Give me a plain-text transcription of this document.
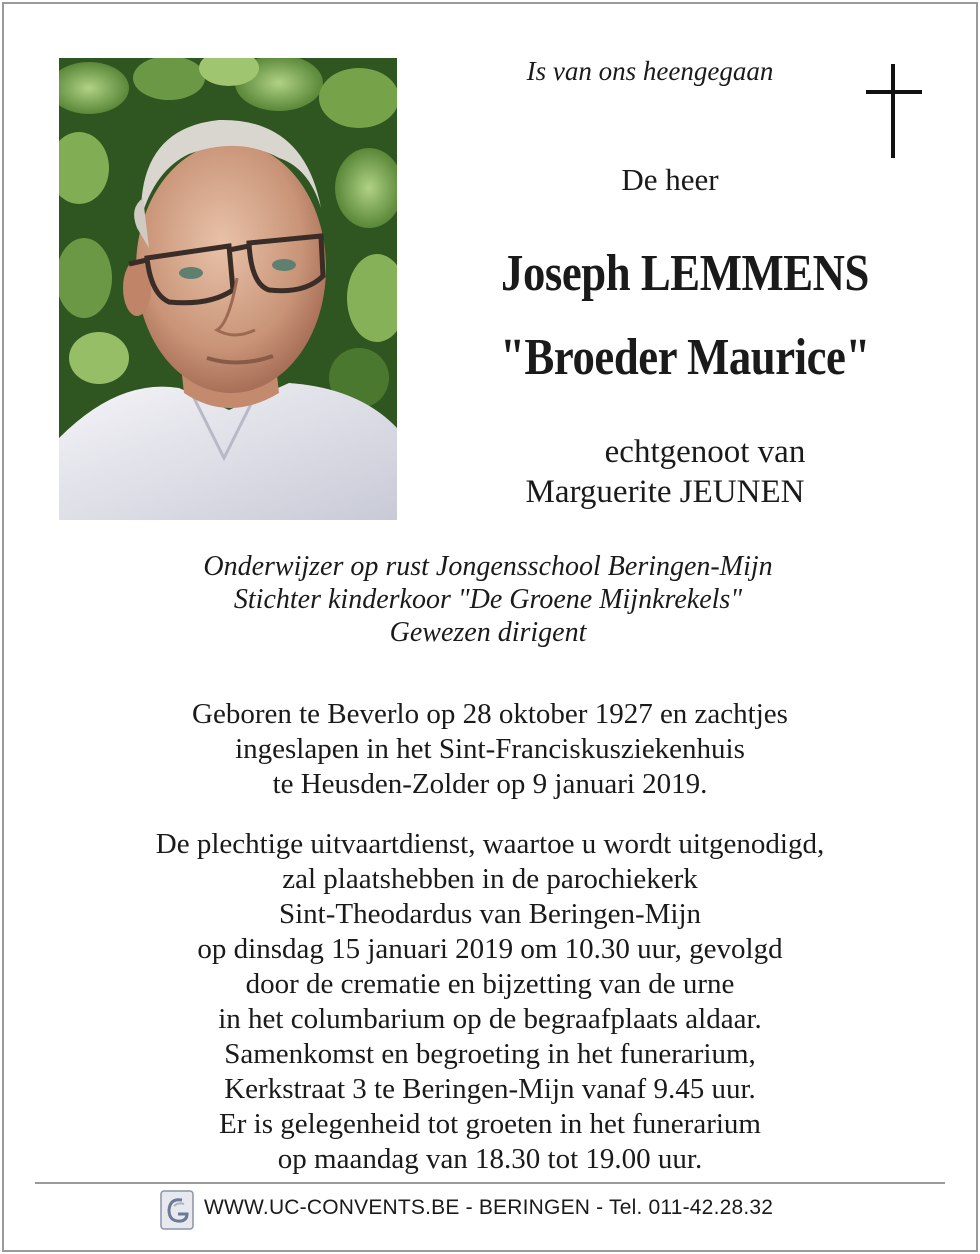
Is van ons heengegaan
De heer
Joseph LEMMENS
"Broeder Maurice"
echtgenoot van
Marguerite JEUNEN
Onderwijzer op rust Jongensschool Beringen-Mijn
Stichter kinderkoor "De Groene Mijnkrekels"
Gewezen dirigent
Geboren te Beverlo op 28 oktober 1927 en zachtjes
ingeslapen in het Sint-Franciskusziekenhuis
te Heusden-Zolder op 9 januari 2019.
De plechtige uitvaartdienst, waartoe u wordt uitgenodigd,
zal plaatshebben in de parochiekerk
Sint-Theodardus van Beringen-Mijn
op dinsdag 15 januari 2019 om 10.30 uur, gevolgd
door de crematie en bijzetting van de urne
in het columbarium op de begraafplaats aldaar.
Samenkomst en begroeting in het funerarium,
Kerkstraat 3 te Beringen-Mijn vanaf 9.45 uur.
Er is gelegenheid tot groeten in het funerarium
op maandag van 18.30 tot 19.00 uur.
WWW.UC-CONVENTS.BE - BERINGEN - Tel. 011-42.28.32
